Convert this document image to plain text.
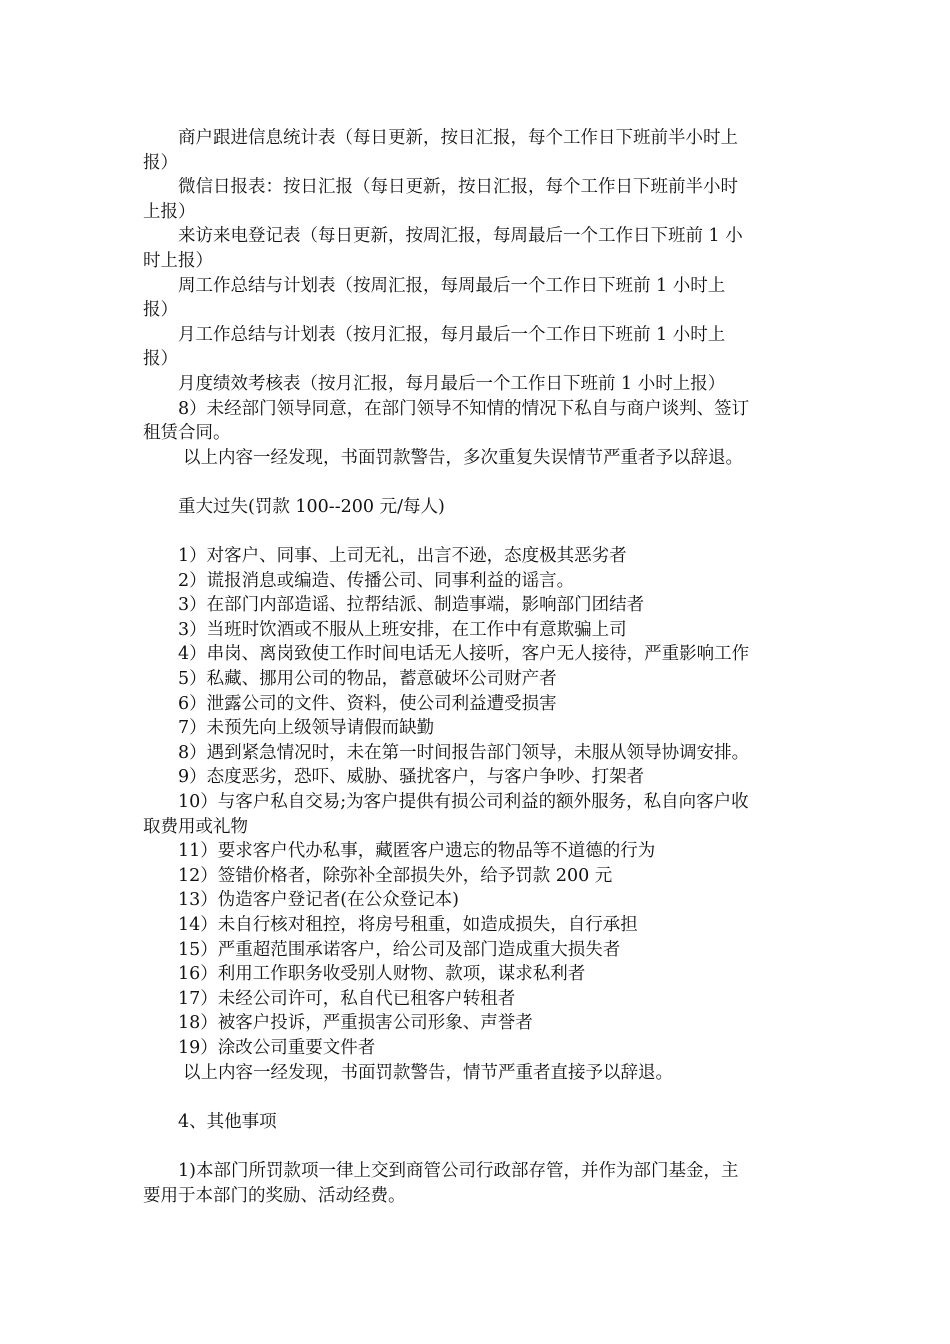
商户跟进信息统计表（每日更新，按日汇报，每个工作日下班前半小时上
报）
微信日报表：按日汇报（每日更新，按日汇报，每个工作日下班前半小时
上报）
来访来电登记表（每日更新，按周汇报，每周最后一个工作日下班前 1 小
时上报）
周工作总结与计划表（按周汇报，每周最后一个工作日下班前 1 小时上
报）
月工作总结与计划表（按月汇报，每月最后一个工作日下班前 1 小时上
报）
月度绩效考核表（按月汇报，每月最后一个工作日下班前 1 小时上报）
8）未经部门领导同意，在部门领导不知情的情况下私自与商户谈判、签订
租赁合同。
以上内容一经发现，书面罚款警告，多次重复失误情节严重者予以辞退。
重大过失(罚款 100--200 元/每人)
1）对客户、同事、上司无礼，出言不逊，态度极其恶劣者
2）谎报消息或编造、传播公司、同事利益的谣言。
3）在部门内部造谣、拉帮结派、制造事端，影响部门团结者
3）当班时饮酒或不服从上班安排，在工作中有意欺骗上司
4）串岗、离岗致使工作时间电话无人接听，客户无人接待，严重影响工作
5）私藏、挪用公司的物品，蓄意破坏公司财产者
6）泄露公司的文件、资料，使公司利益遭受损害
7）未预先向上级领导请假而缺勤
8）遇到紧急情况时，未在第一时间报告部门领导，未服从领导协调安排。
9）态度恶劣，恐吓、威胁、骚扰客户，与客户争吵、打架者
10）与客户私自交易;为客户提供有损公司利益的额外服务，私自向客户收
取费用或礼物
11）要求客户代办私事，藏匿客户遗忘的物品等不道德的行为
12）签错价格者，除弥补全部损失外，给予罚款 200 元
13）伪造客户登记者(在公众登记本)
14）未自行核对租控，将房号租重，如造成损失，自行承担
15）严重超范围承诺客户，给公司及部门造成重大损失者
16）利用工作职务收受别人财物、款项，谋求私利者
17）未经公司许可，私自代已租客户转租者
18）被客户投诉，严重损害公司形象、声誉者
19）涂改公司重要文件者
以上内容一经发现，书面罚款警告，情节严重者直接予以辞退。
4、其他事项
1)本部门所罚款项一律上交到商管公司行政部存管，并作为部门基金，主
要用于本部门的奖励、活动经费。
